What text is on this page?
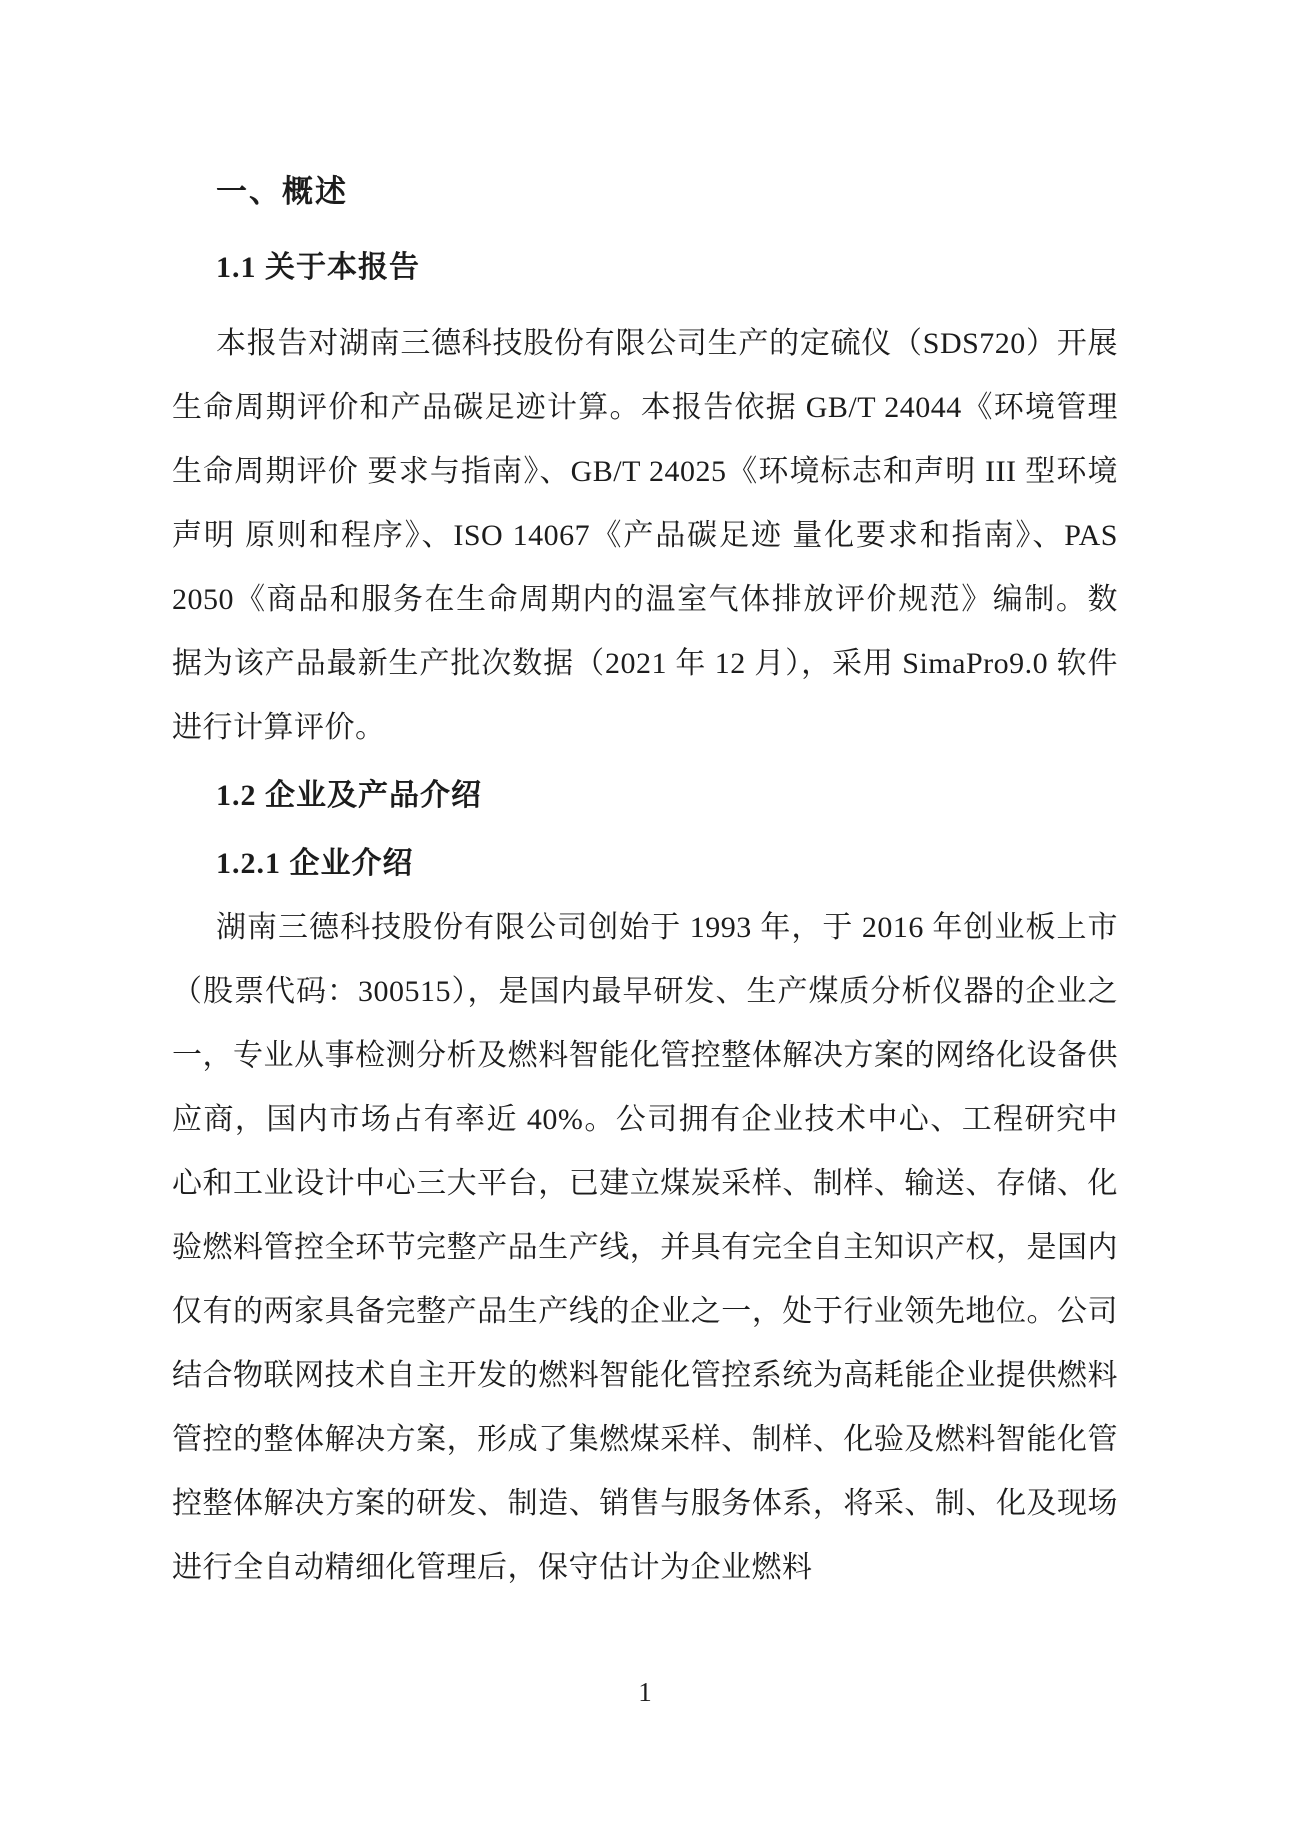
一、概述
1.1 关于本报告

本报告对湖南三德科技股份有限公司生产的定硫仪（SDS720）开展生命周期评价和产品碳足迹计算。本报告依据 GB/T 24044《环境管理 生命周期评价 要求与指南》、GB/T 24025《环境标志和声明 III 型环境声明 原则和程序》、ISO 14067《产品碳足迹 量化要求和指南》、PAS 2050《商品和服务在生命周期内的温室气体排放评价规范》编制。数据为该产品最新生产批次数据（2021 年 12 月），采用 SimaPro9.0 软件进行计算评价。

1.2 企业及产品介绍
1.2.1 企业介绍

湖南三德科技股份有限公司创始于 1993 年，于 2016 年创业板上市（股票代码：300515），是国内最早研发、生产煤质分析仪器的企业之一，专业从事检测分析及燃料智能化管控整体解决方案的网络化设备供应商，国内市场占有率近 40%。公司拥有企业技术中心、工程研究中心和工业设计中心三大平台，已建立煤炭采样、制样、输送、存储、化验燃料管控全环节完整产品生产线，并具有完全自主知识产权，是国内仅有的两家具备完整产品生产线的企业之一，处于行业领先地位。公司结合物联网技术自主开发的燃料智能化管控系统为高耗能企业提供燃料管控的整体解决方案，形成了集燃煤采样、制样、化验及燃料智能化管控整体解决方案的研发、制造、销售与服务体系，将采、制、化及现场进行全自动精细化管理后，保守估计为企业燃料

1
